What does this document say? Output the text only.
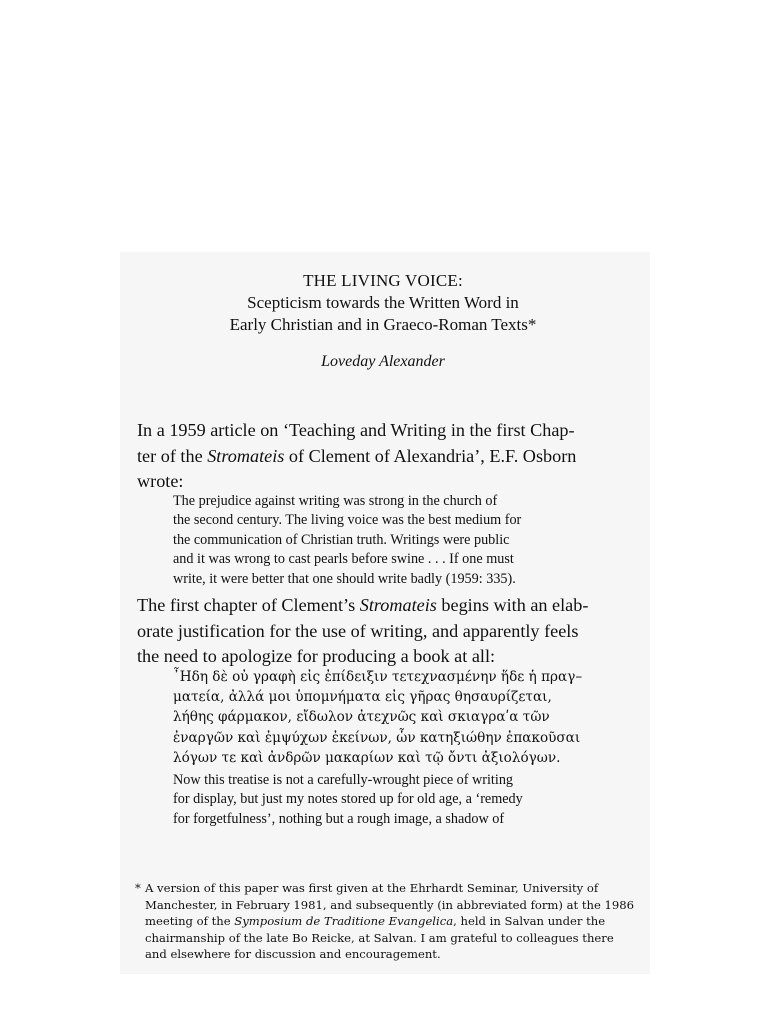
THE LIVING VOICE:
Scepticism towards the Written Word in
Early Christian and in Graeco-Roman Texts*
Loveday Alexander
In a 1959 article on ‘Teaching and Writing in the first Chap-
ter of the Stromateis of Clement of Alexandria’, E.F. Osborn
wrote:
The prejudice against writing was strong in the church of
the second century. The living voice was the best medium for
the communication of Christian truth. Writings were public
and it was wrong to cast pearls before swine . . . If one must
write, it were better that one should write badly (1959: 335).
The first chapter of Clement’s Stromateis begins with an elab-
orate justification for the use of writing, and apparently feels
the need to apologize for producing a book at all:
῏Ηδη δὲ οὐ γραφὴ εἰς ἐπίδειξιν τετεχνασμένην ἥδε ἡ πραγ–
ματεία, ἀλλά μοι ὑπομνήματα εἰς γῆρας θησαυρίζεται,
λήθης φάρμακον, εἴδωλον ἀτεχνῶς καὶ σκιαγραʹα τῶν
ἐναργῶν καὶ ἐμψύχων ἐκείνων, ὧν κατηξιώθην ἐπακοῦσαι
λόγων τε καὶ ἀνδρῶν μακαρίων καὶ τῷ ὄντι ἀξιολόγων.
Now this treatise is not a carefully-wrought piece of writing
for display, but just my notes stored up for old age, a ‘remedy
for forgetfulness’, nothing but a rough image, a shadow of
* A version of this paper was first given at the Ehrhardt Seminar, University of
Manchester, in February 1981, and subsequently (in abbreviated form) at the 1986
meeting of the Symposium de Traditione Evangelica, held in Salvan under the
chairmanship of the late Bo Reicke, at Salvan. I am grateful to colleagues there
and elsewhere for discussion and encouragement.
